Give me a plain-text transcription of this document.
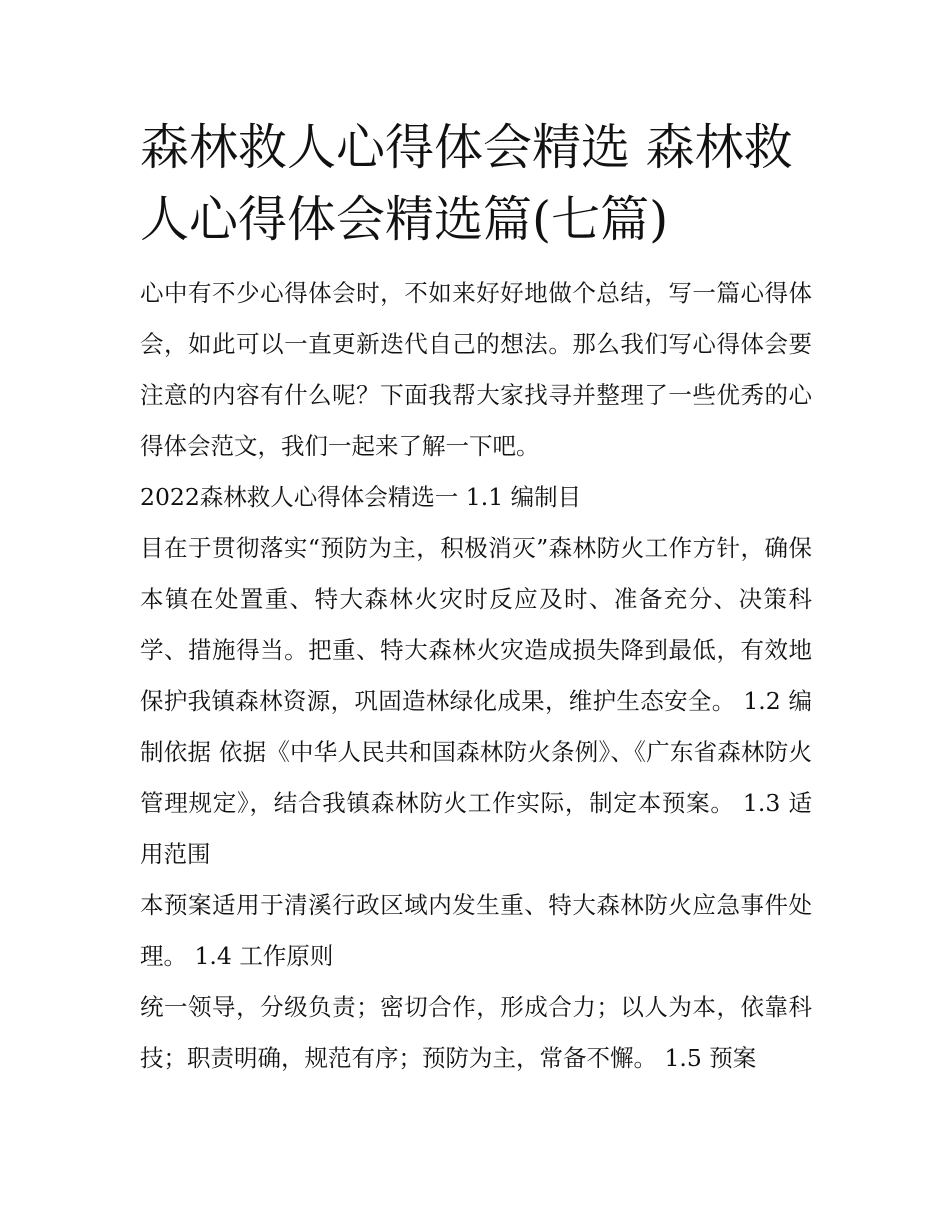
森林救人心得体会精选 森林救人心得体会精选篇(七篇)

心中有不少心得体会时，不如来好好地做个总结，写一篇心得体会，如此可以一直更新迭代自己的想法。那么我们写心得体会要注意的内容有什么呢？下面我帮大家找寻并整理了一些优秀的心得体会范文，我们一起来了解一下吧。

2022森林救人心得体会精选一 1.1 编制目

目在于贯彻落实“预防为主，积极消灭”森林防火工作方针，确保本镇在处置重、特大森林火灾时反应及时、准备充分、决策科学、措施得当。把重、特大森林火灾造成损失降到最低，有效地保护我镇森林资源，巩固造林绿化成果，维护生态安全。 1.2 编制依据 依据《中华人民共和国森林防火条例》、《广东省森林防火管理规定》，结合我镇森林防火工作实际，制定本预案。 1.3 适用范围

本预案适用于清溪行政区域内发生重、特大森林防火应急事件处理。 1.4 工作原则

统一领导，分级负责；密切合作，形成合力；以人为本，依靠科技；职责明确，规范有序；预防为主，常备不懈。 1.5 预案
